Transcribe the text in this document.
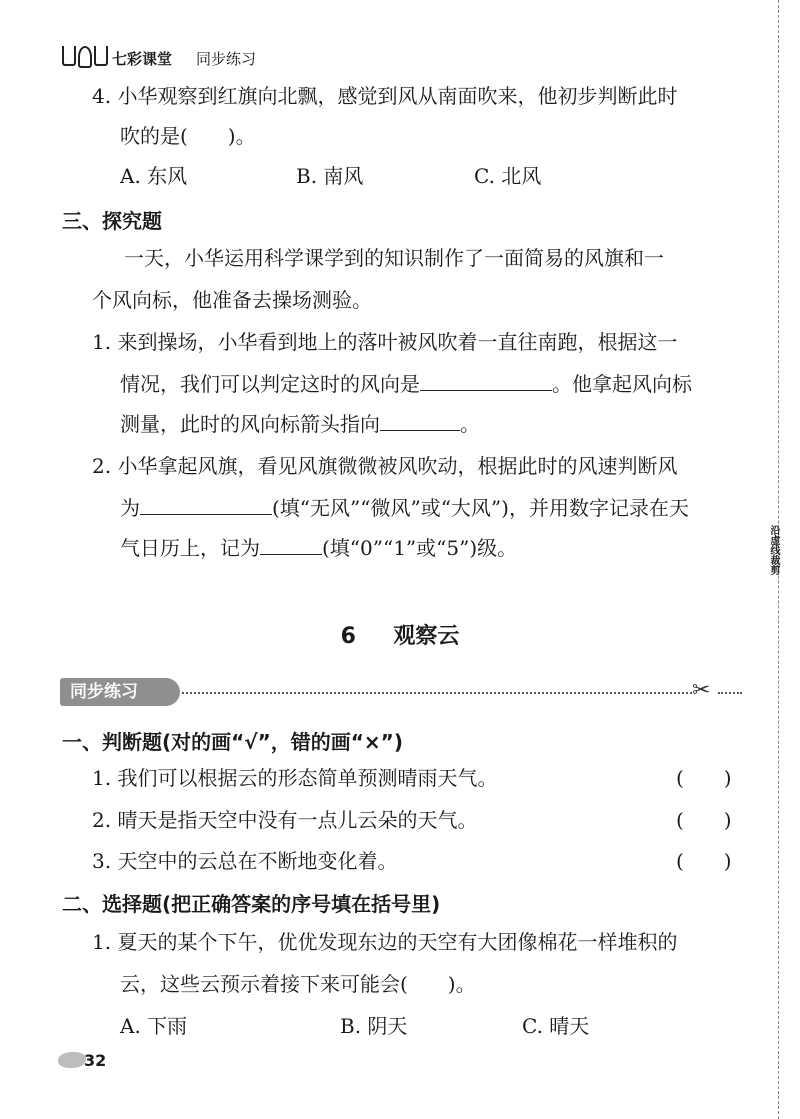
七彩课堂 同步练习
4. 小华观察到红旗向北飘，感觉到风从南面吹来，他初步判断此时
吹的是(　　)。
A. 东风	B. 南风	C. 北风
三、探究题
一天，小华运用科学课学到的知识制作了一面简易的风旗和一
个风向标，他准备去操场测验。
1. 来到操场，小华看到地上的落叶被风吹着一直往南跑，根据这一
情况，我们可以判定这时的风向是	。他拿起风向标
测量，此时的风向标箭头指向	。
2. 小华拿起风旗，看见风旗微微被风吹动，根据此时的风速判断风
为	(填“无风”“微风”或“大风”)，并用数字记录在天
气日历上，记为	(填“0”“1”或“5”)级。
6 观察云
同步练习	✂
一、判断题(对的画“√”，错的画“×”)
1. 我们可以根据云的形态简单预测晴雨天气。	(　　)
2. 晴天是指天空中没有一点儿云朵的天气。	(　　)
3. 天空中的云总在不断地变化着。	(　　)
二、选择题(把正确答案的序号填在括号里)
1. 夏天的某个下午，优优发现东边的天空有大团像棉花一样堆积的
云，这些云预示着接下来可能会(　　)。
A. 下雨	B. 阴天	C. 晴天
沿虚线裁剪
32
